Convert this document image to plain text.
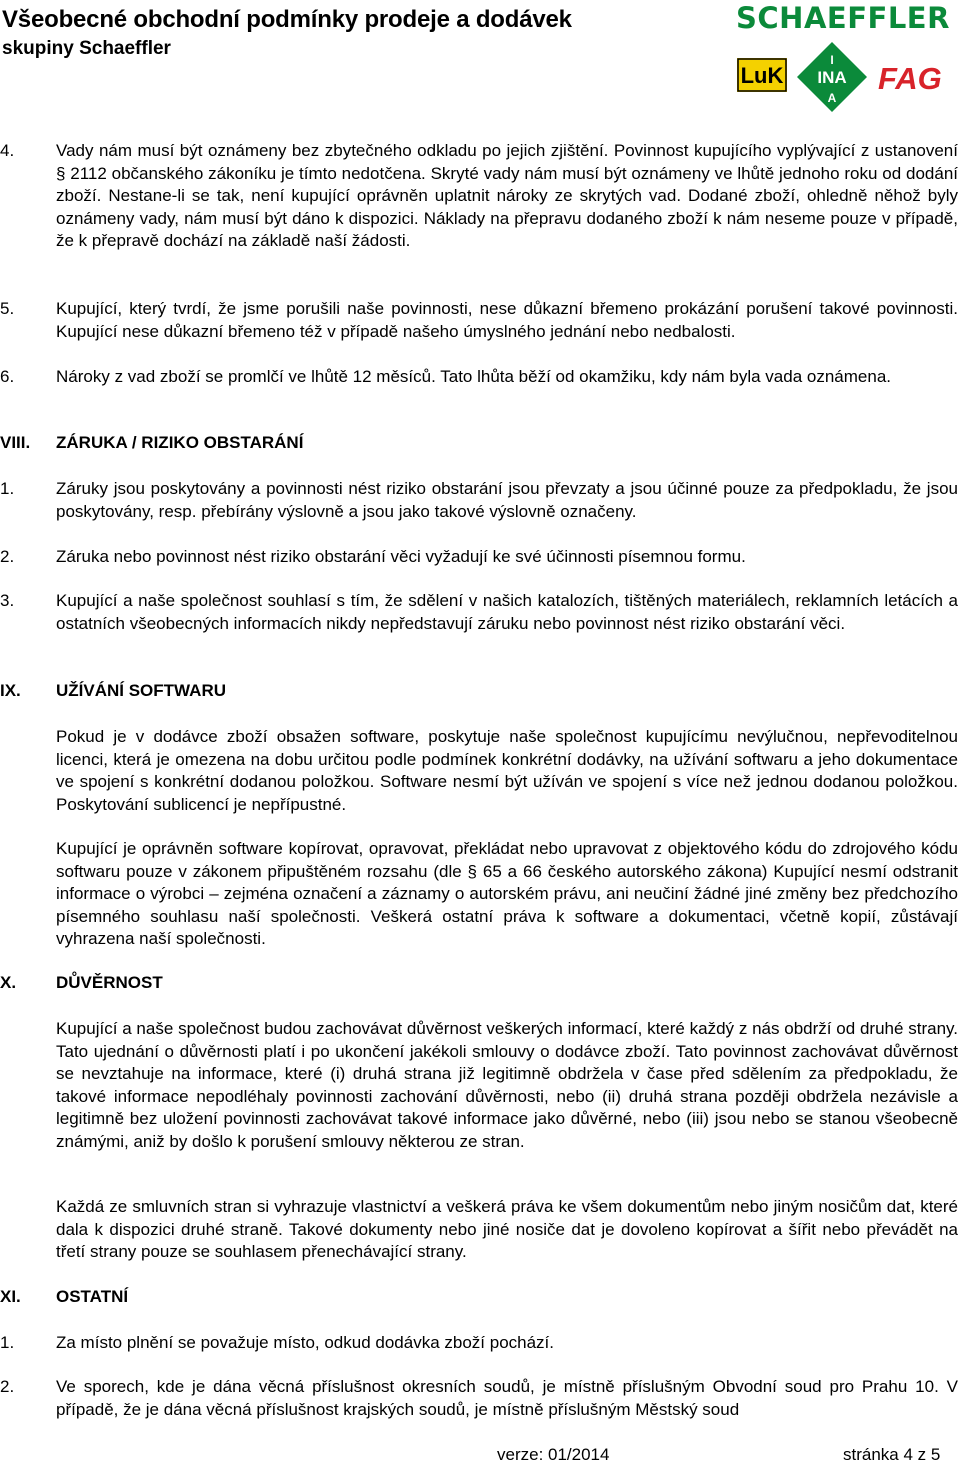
Všeobecné obchodní podmínky prodeje a dodávek
skupiny Schaeffler
SCHAEFFLER
LuK
I
INA
A
FAG
4. Vady nám musí být oznámeny bez zbytečného odkladu po jejich zjištění. Povinnost kupujícího vyplývající z ustanovení § 2112 občanského zákoníku je tímto nedotčena. Skryté vady nám musí být oznámeny ve lhůtě jednoho roku od dodání zboží. Nestane-li se tak, není kupující oprávněn uplatnit nároky ze skrytých vad. Dodané zboží, ohledně něhož byly oznámeny vady, nám musí být dáno k dispozici. Náklady na přepravu dodaného zboží k nám neseme pouze v případě, že k přepravě dochází na základě naší žádosti.

5. Kupující, který tvrdí, že jsme porušili naše povinnosti, nese důkazní břemeno prokázání porušení takové povinnosti. Kupující nese důkazní břemeno též v případě našeho úmyslného jednání nebo nedbalosti.

6. Nároky z vad zboží se promlčí ve lhůtě 12 měsíců. Tato lhůta běží od okamžiku, kdy nám byla vada oznámena.

VIII. ZÁRUKA / RIZIKO OBSTARÁNÍ

1. Záruky jsou poskytovány a povinnosti nést riziko obstarání jsou převzaty a jsou účinné pouze za předpokladu, že jsou poskytovány, resp. přebírány výslovně a jsou jako takové výslovně označeny.

2. Záruka nebo povinnost nést riziko obstarání věci vyžadují ke své účinnosti písemnou formu.

3. Kupující a naše společnost souhlasí s tím, že sdělení v našich katalozích, tištěných materiálech, reklamních letácích a ostatních všeobecných informacích nikdy nepředstavují záruku nebo povinnost nést riziko obstarání věci.

IX. UŽÍVÁNÍ SOFTWARU

Pokud je v dodávce zboží obsažen software, poskytuje naše společnost kupujícímu nevýlučnou, nepřevoditelnou licenci, která je omezena na dobu určitou podle podmínek konkrétní dodávky, na užívání softwaru a jeho dokumentace ve spojení s konkrétní dodanou položkou. Software nesmí být užíván ve spojení s více než jednou dodanou položkou. Poskytování sublicencí je nepřípustné.

Kupující je oprávněn software kopírovat, opravovat, překládat nebo upravovat z objektového kódu do zdrojového kódu softwaru pouze v zákonem připuštěném rozsahu (dle § 65 a 66 českého autorského zákona) Kupující nesmí odstranit informace o výrobci – zejména označení a záznamy o autorském právu, ani neučiní žádné jiné změny bez předchozího písemného souhlasu naší společnosti. Veškerá ostatní práva k software a dokumentaci, včetně kopií, zůstávají vyhrazena naší společnosti.

X. DŮVĚRNOST

Kupující a naše společnost budou zachovávat důvěrnost veškerých informací, které každý z nás obdrží od druhé strany. Tato ujednání o důvěrnosti platí i po ukončení jakékoli smlouvy o dodávce zboží. Tato povinnost zachovávat důvěrnost se nevztahuje na informace, které (i) druhá strana již legitimně obdržela v čase před sdělením za předpokladu, že takové informace nepodléhaly povinnosti zachování důvěrnosti, nebo (ii) druhá strana později obdržela nezávisle a legitimně bez uložení povinnosti zachovávat takové informace jako důvěrné, nebo (iii) jsou nebo se stanou všeobecně známými, aniž by došlo k porušení smlouvy některou ze stran.

Každá ze smluvních stran si vyhrazuje vlastnictví a veškerá práva ke všem dokumentům nebo jiným nosičům dat, které dala k dispozici druhé straně. Takové dokumenty nebo jiné nosiče dat je dovoleno kopírovat a šířit nebo převádět na třetí strany pouze se souhlasem přenechávající strany.

XI. OSTATNÍ

1. Za místo plnění se považuje místo, odkud dodávka zboží pochází.

2. Ve sporech, kde je dána věcná příslušnost okresních soudů, je místně příslušným Obvodní soud pro Prahu 10. V případě, že je dána věcná příslušnost krajských soudů, je místně příslušným Městský soud

verze: 01/2014	stránka 4 z 5
